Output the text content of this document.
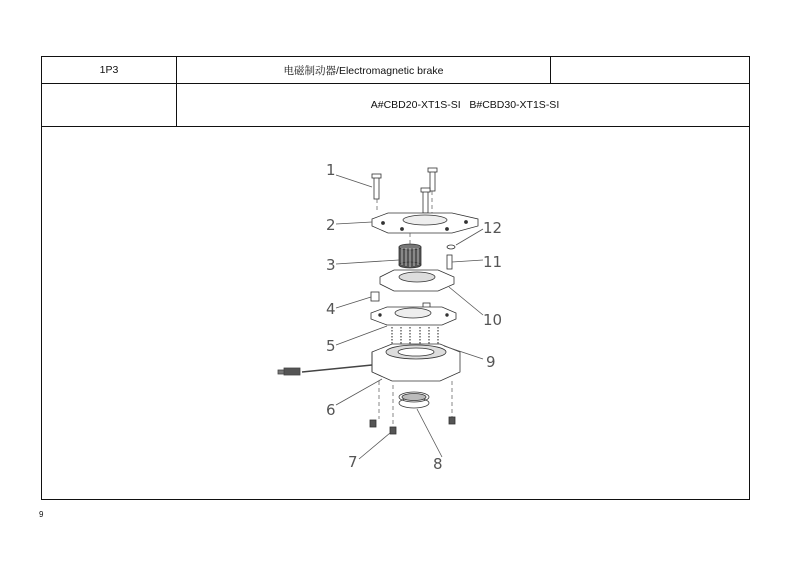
1P3	电磁制动器/Electromagnetic brake
A#CBD20-XT1S-SI   B#CBD30-XT1S-SI
1
2
3
4
5
6
7	8
9
10
11
12
9
